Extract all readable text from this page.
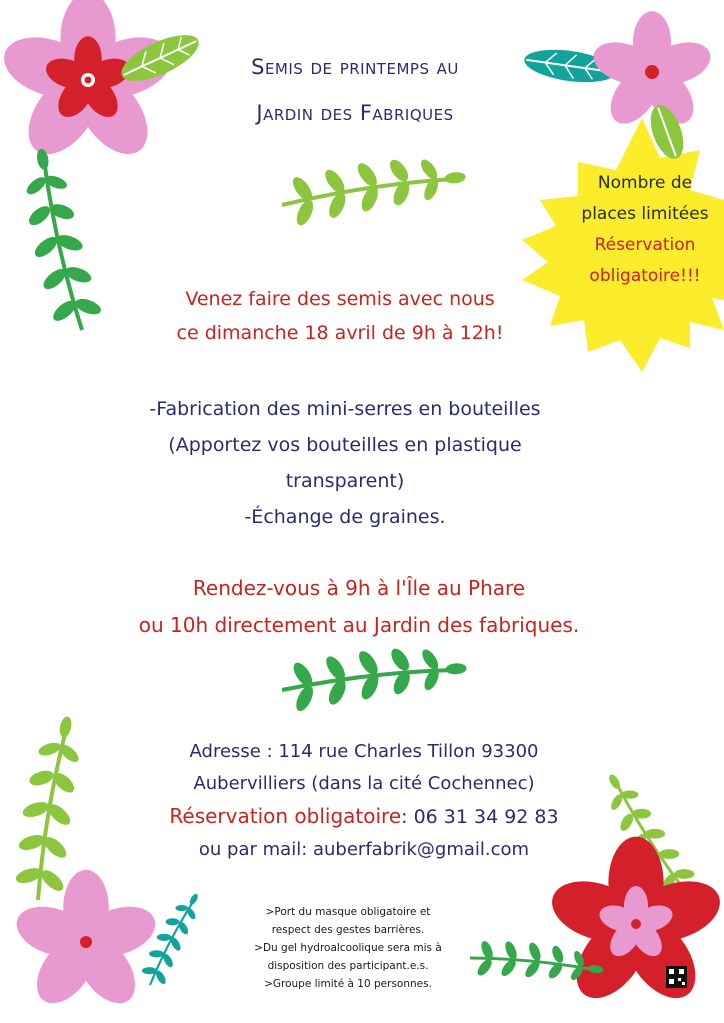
Semis de printemps au
Jardin des Fabriques
Nombre de
places limitées
Réservation
obligatoire!!!
Venez faire des semis avec nous
ce dimanche 18 avril de 9h à 12h!
-Fabrication des mini-serres en bouteilles
(Apportez vos bouteilles en plastique
transparent)
-Échange de graines.
Rendez-vous à 9h à l'Île au Phare
ou 10h directement au Jardin des fabriques.
Adresse : 114 rue Charles Tillon 93300
Aubervilliers (dans la cité Cochennec)
Réservation obligatoire: 06 31 34 92 83
ou par mail: auberfabrik@gmail.com
>Port du masque obligatoire et
respect des gestes barrières.
>Du gel hydroalcoolique sera mis à
disposition des participant.e.s.
>Groupe limité à 10 personnes.
